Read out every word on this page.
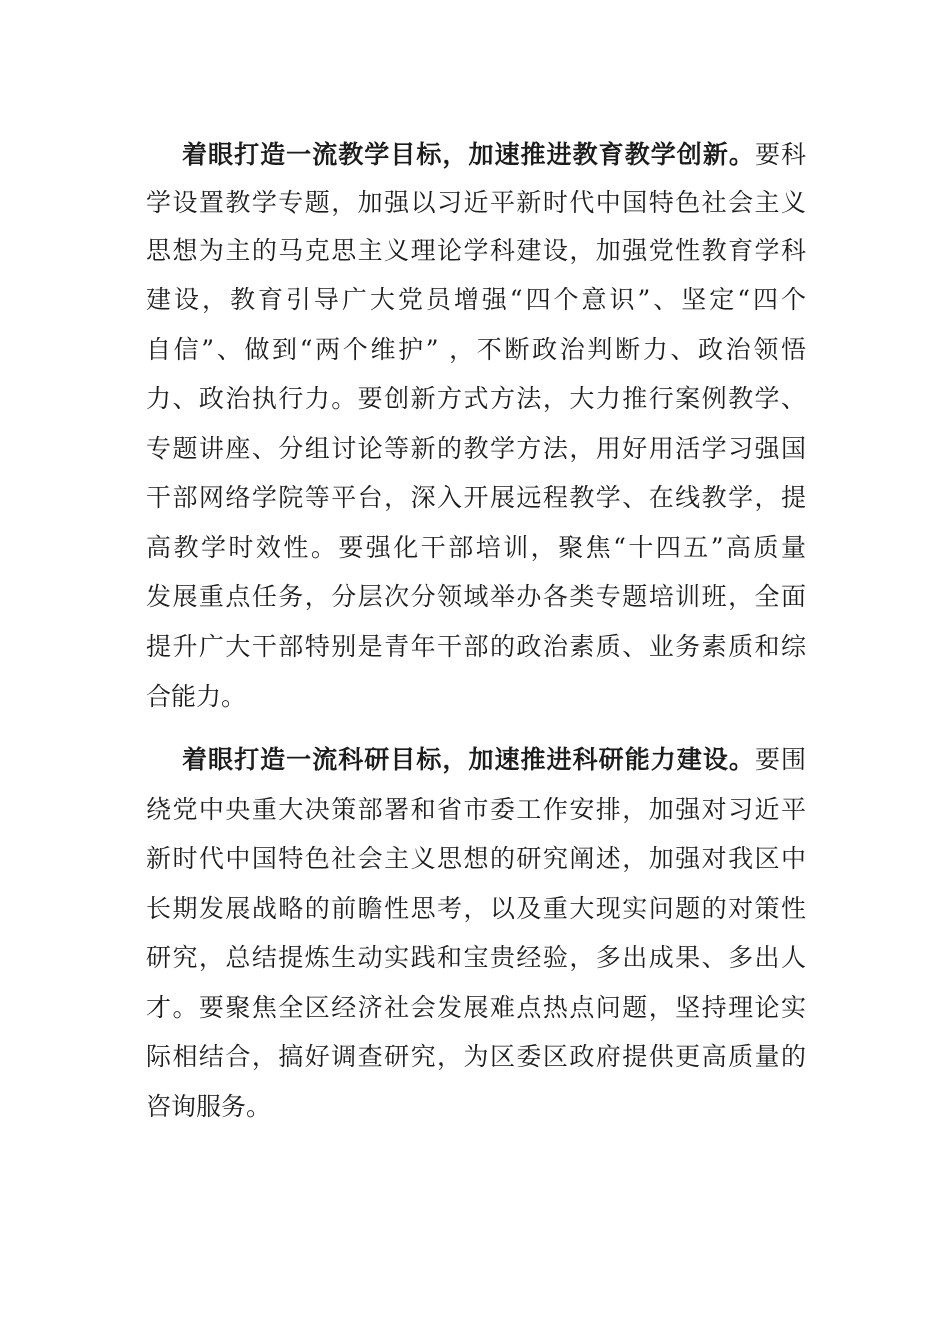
着眼打造一流教学目标，加速推进教育教学创新。要科
学设置教学专题，加强以习近平新时代中国特色社会主义
思想为主的马克思主义理论学科建设，加强党性教育学科
建设，教育引导广大党员增强“四个意识”、坚定“四个
自信”、做到“两个维护” ，不断政治判断力、政治领悟
力、政治执行力。要创新方式方法，大力推行案例教学、
专题讲座、分组讨论等新的教学方法，用好用活学习强国
干部网络学院等平台，深入开展远程教学、在线教学，提
高教学时效性。要强化干部培训，聚焦“十四五”高质量
发展重点任务，分层次分领域举办各类专题培训班，全面
提升广大干部特别是青年干部的政治素质、业务素质和综
合能力。
着眼打造一流科研目标，加速推进科研能力建设。要围
绕党中央重大决策部署和省市委工作安排，加强对习近平
新时代中国特色社会主义思想的研究阐述，加强对我区中
长期发展战略的前瞻性思考，以及重大现实问题的对策性
研究，总结提炼生动实践和宝贵经验，多出成果、多出人
才。要聚焦全区经济社会发展难点热点问题，坚持理论实
际相结合，搞好调查研究，为区委区政府提供更高质量的
咨询服务。
